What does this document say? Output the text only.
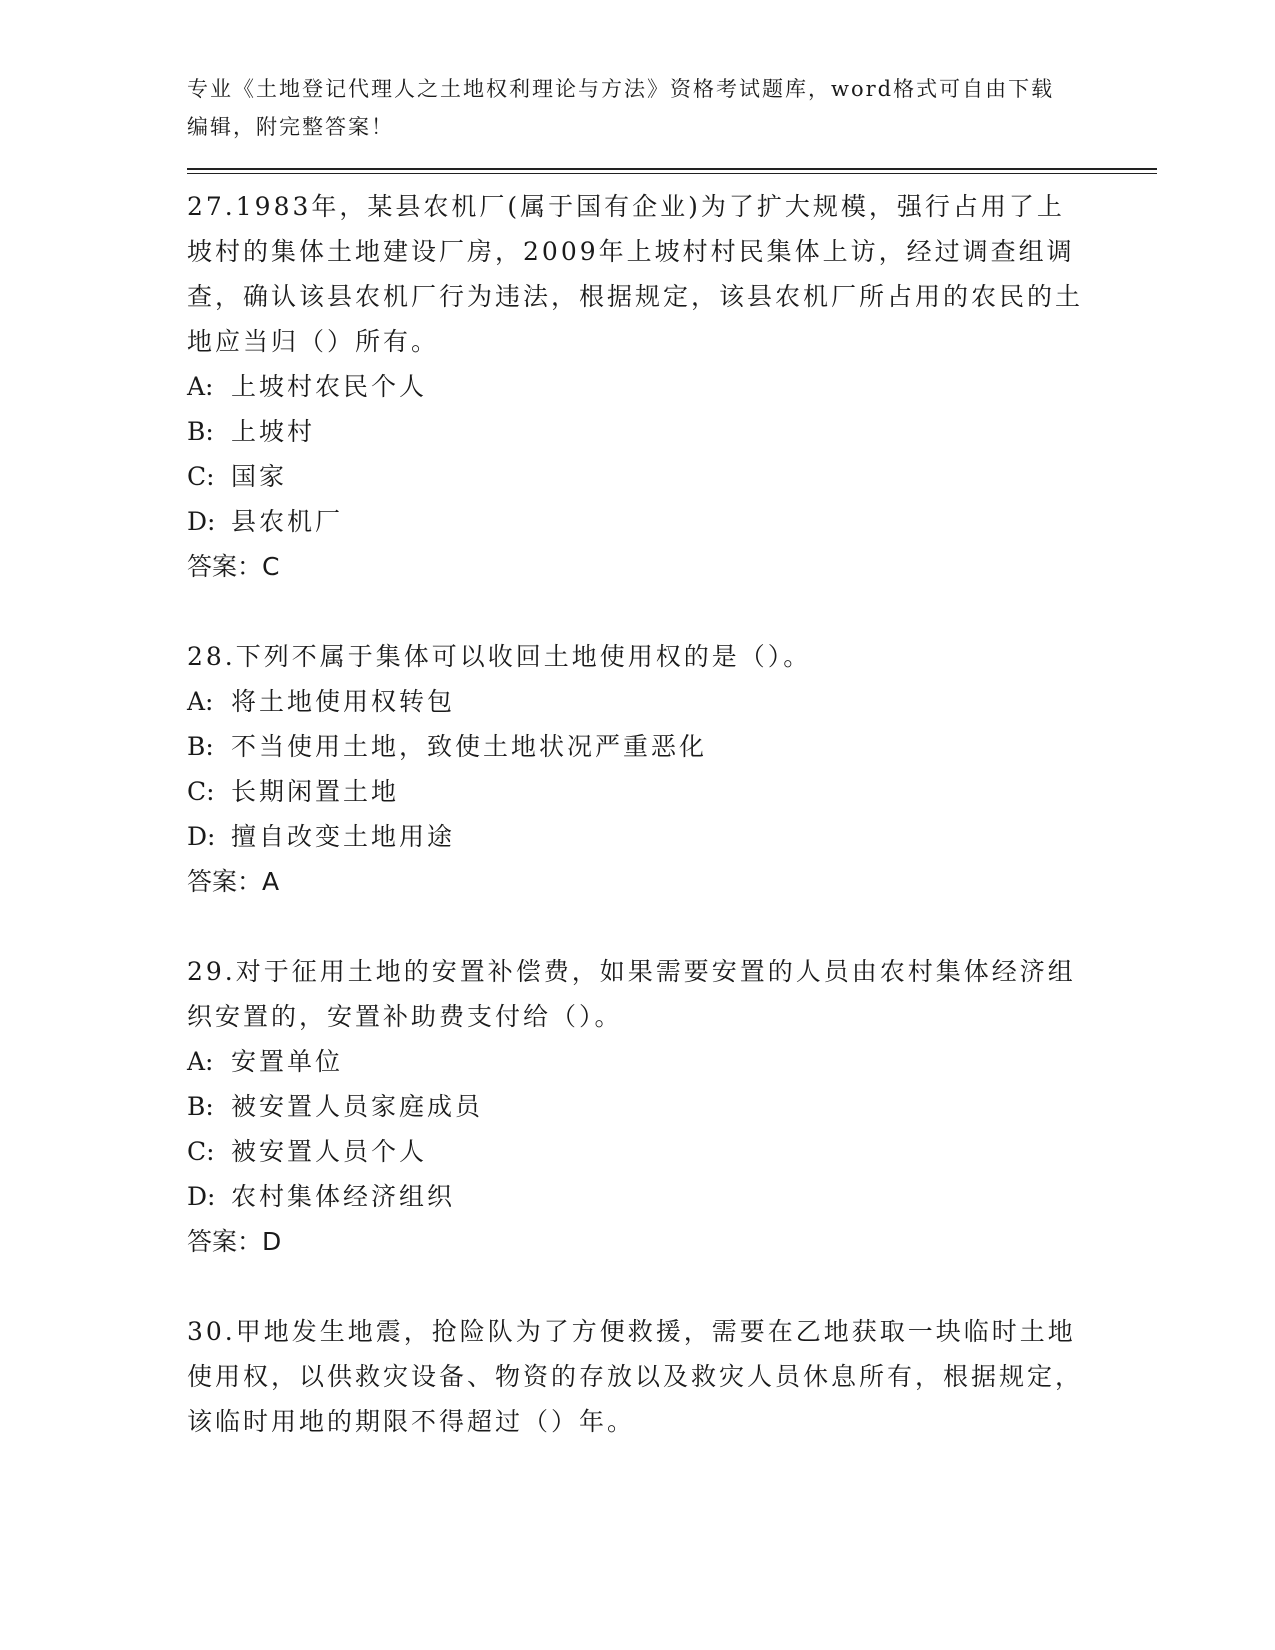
专业《土地登记代理人之土地权利理论与方法》资格考试题库，word格式可自由下载编辑，附完整答案！

27.1983年，某县农机厂(属于国有企业)为了扩大规模，强行占用了上坡村的集体土地建设厂房，2009年上坡村村民集体上访，经过调查组调查，确认该县农机厂行为违法，根据规定，该县农机厂所占用的农民的土地应当归（）所有。

A: 上坡村农民个人

B: 上坡村

C: 国家

D: 县农机厂

答案：C

28.下列不属于集体可以收回土地使用权的是（）。

A: 将土地使用权转包

B: 不当使用土地，致使土地状况严重恶化

C: 长期闲置土地

D: 擅自改变土地用途

答案：A

29.对于征用土地的安置补偿费，如果需要安置的人员由农村集体经济组织安置的，安置补助费支付给（）。

A: 安置单位

B: 被安置人员家庭成员

C: 被安置人员个人

D: 农村集体经济组织

答案：D

30.甲地发生地震，抢险队为了方便救援，需要在乙地获取一块临时土地使用权，以供救灾设备、物资的存放以及救灾人员休息所有，根据规定，该临时用地的期限不得超过（）年。
